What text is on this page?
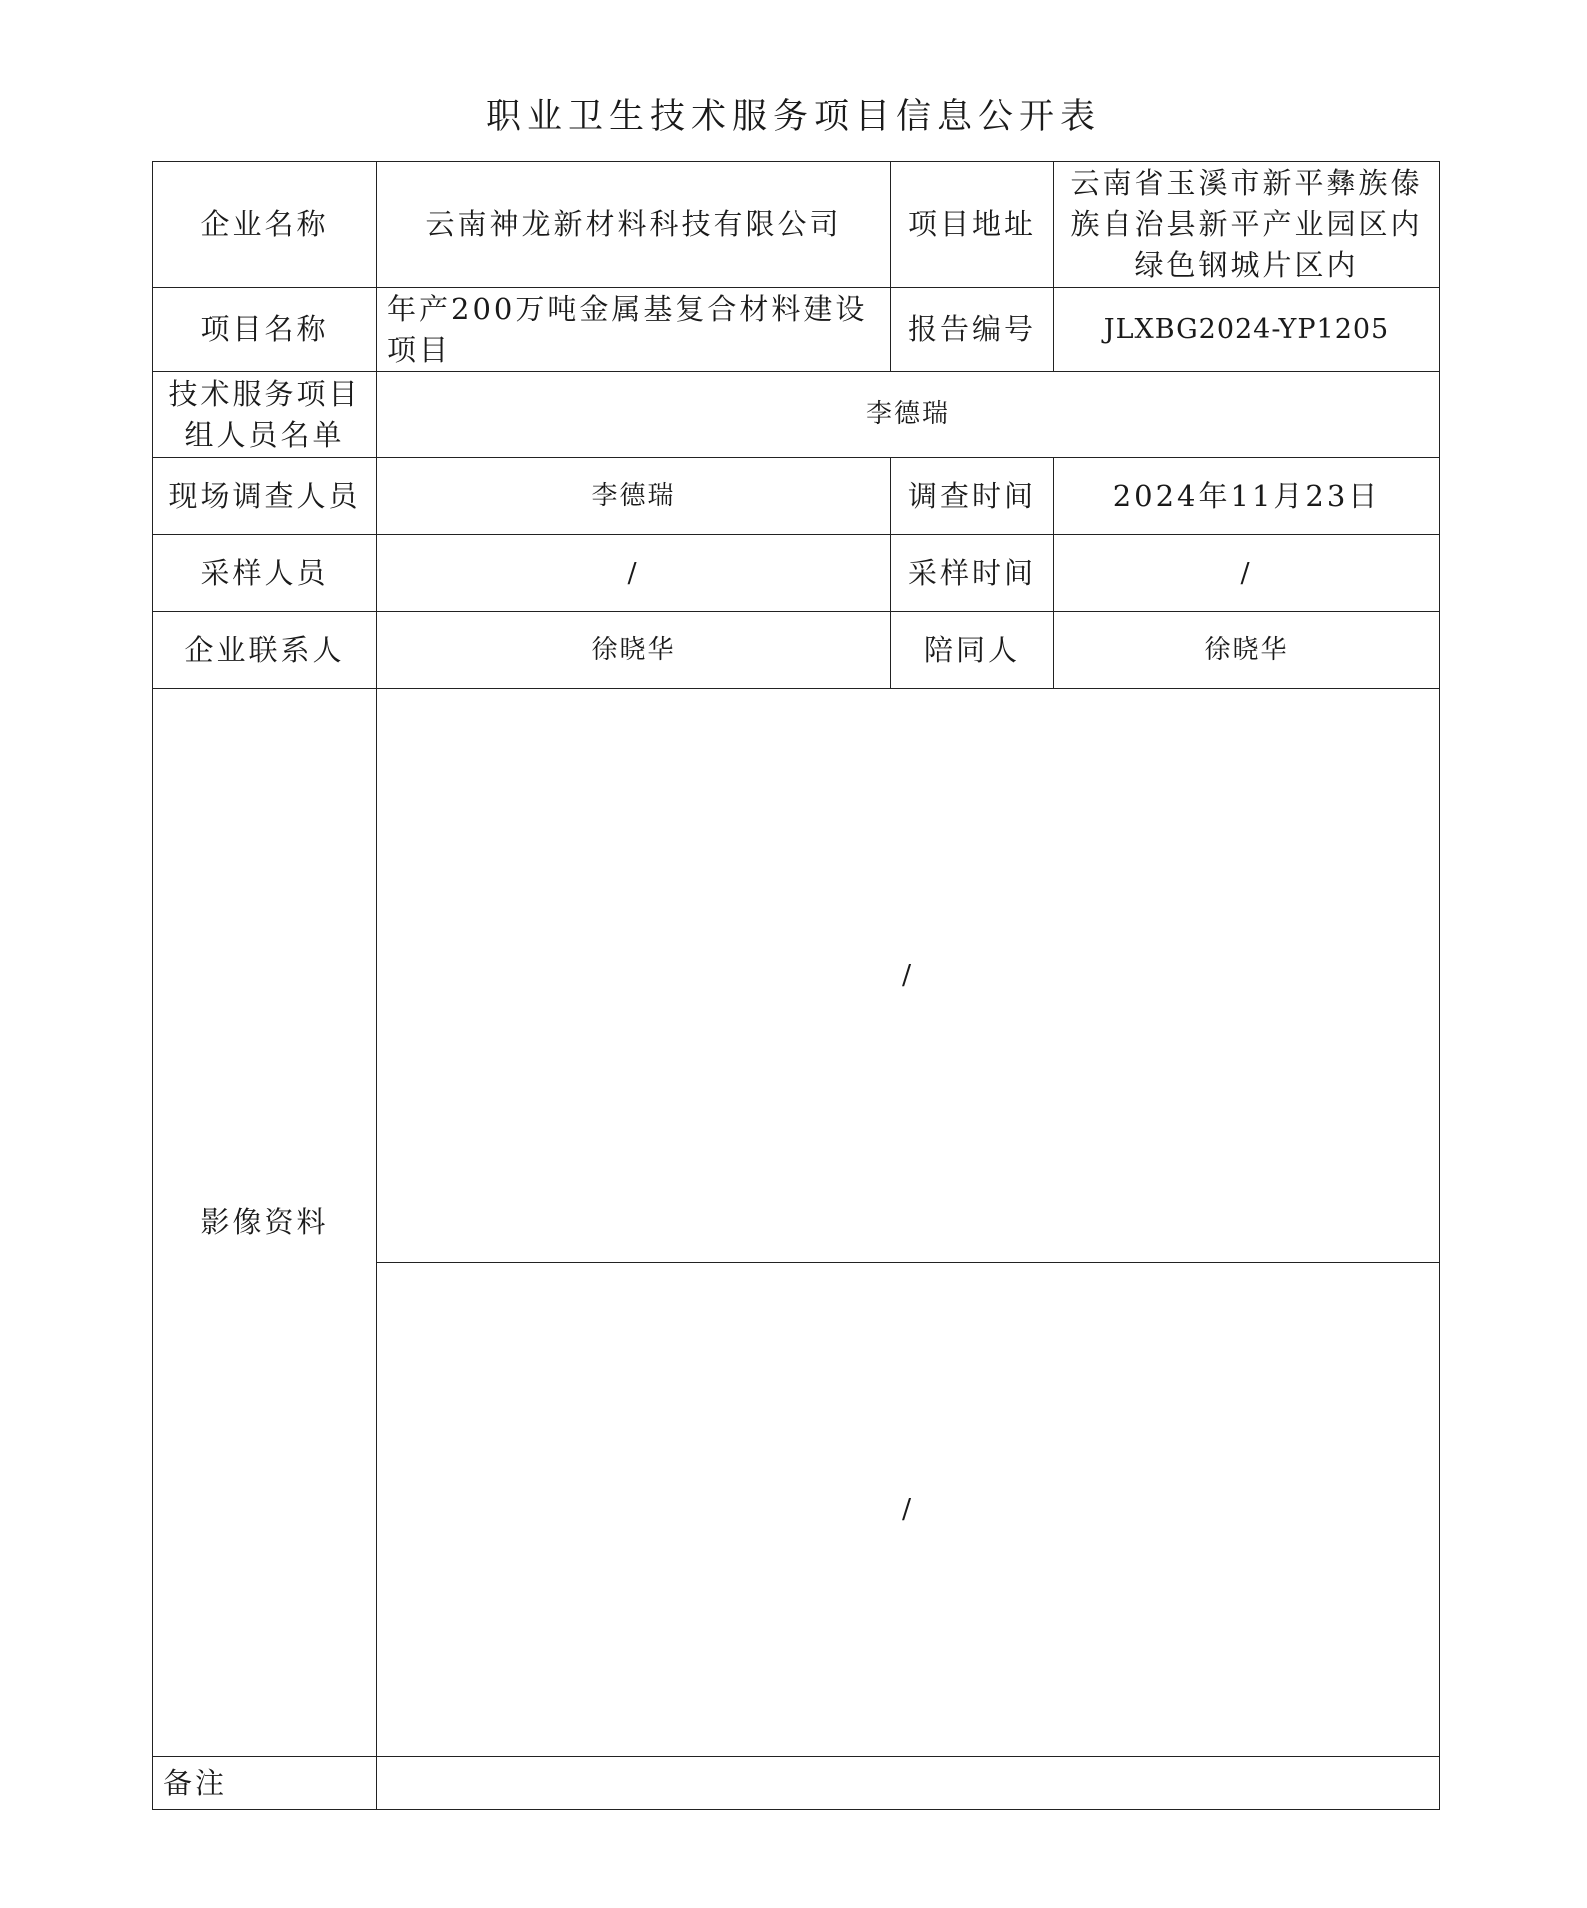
职业卫生技术服务项目信息公开表
企业名称	云南神龙新材料科技有限公司	项目地址	云南省玉溪市新平彝族傣族自治县新平产业园区内绿色钢城片区内
项目名称	年产200万吨金属基复合材料建设项目	报告编号	JLXBG2024-YP1205
技术服务项目组人员名单	李德瑞		
现场调查人员	李德瑞	调查时间	2024年11月23日
采样人员	/	采样时间	/
企业联系人	徐晓华	陪同人	徐晓华
影像资料	/		
	/		
备注			
